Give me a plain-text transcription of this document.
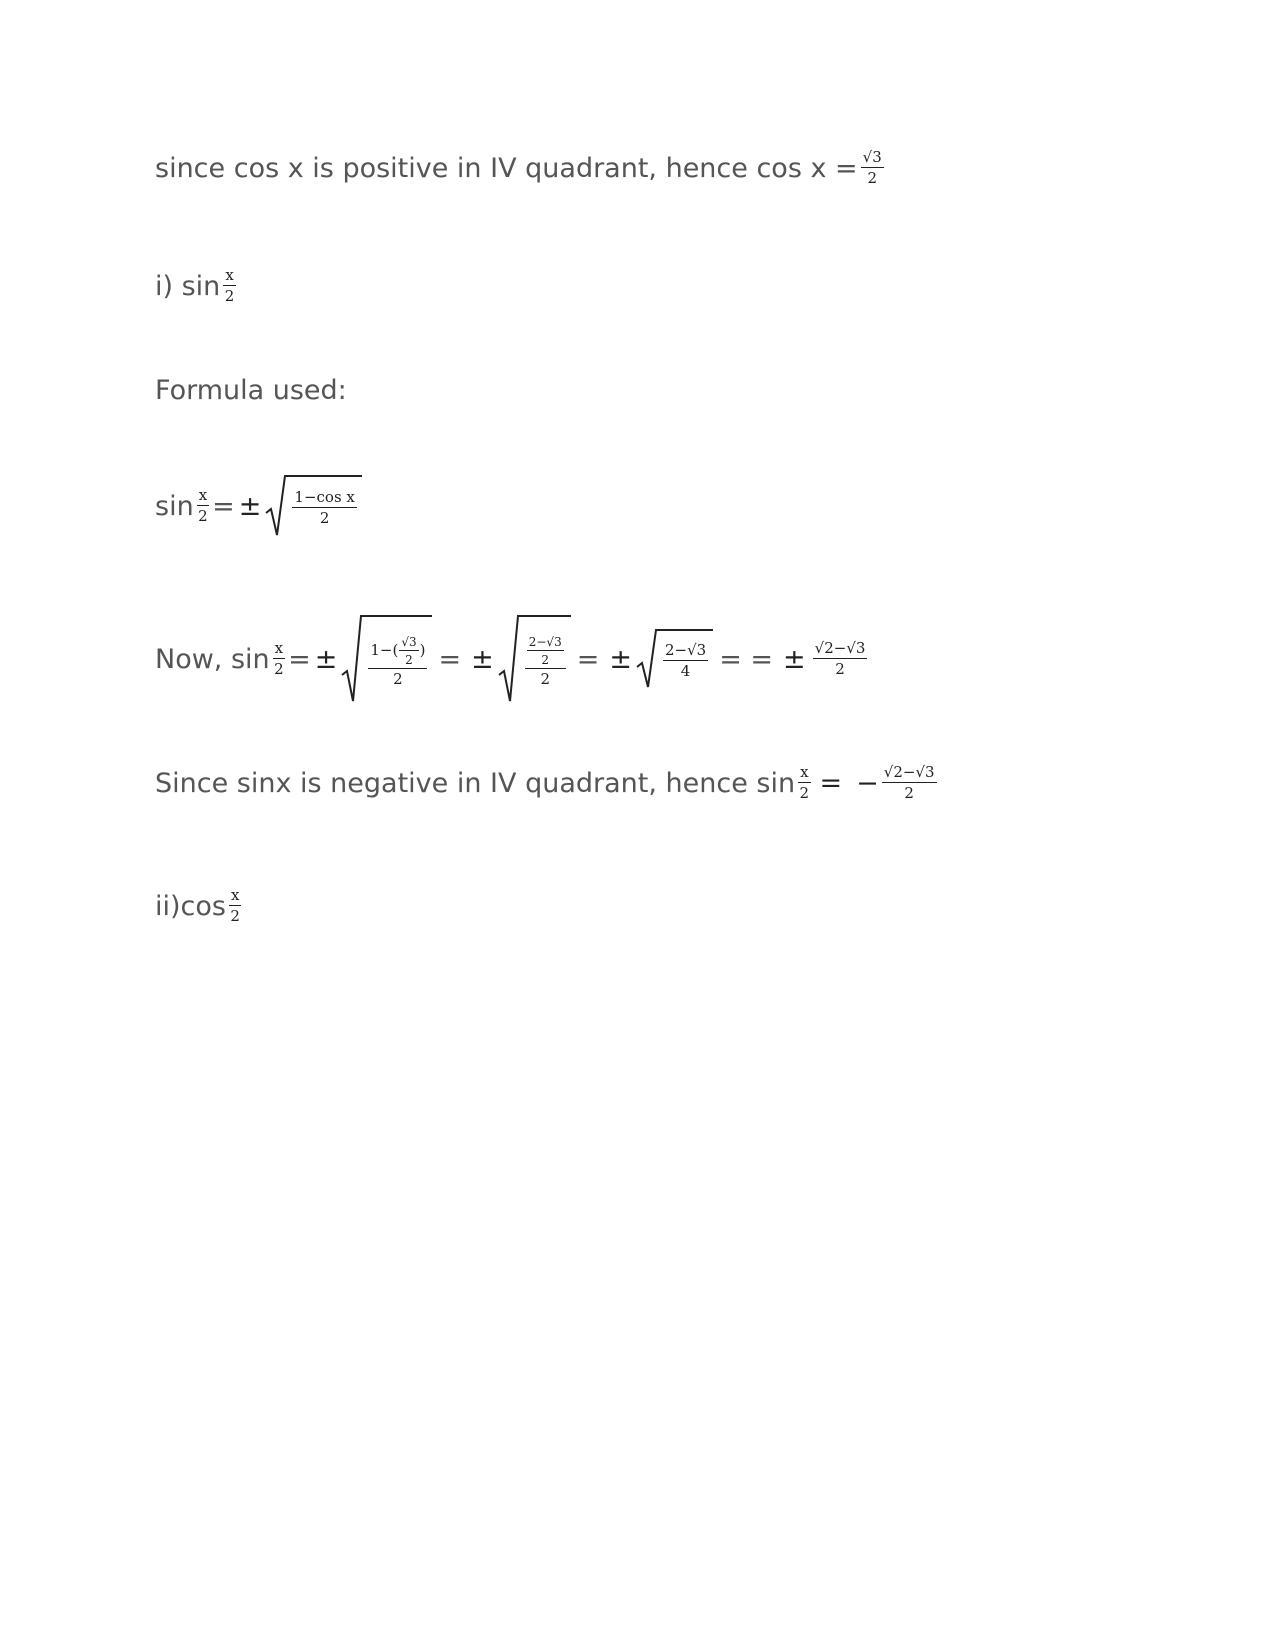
since cos x is positive in IV quadrant, hence $\cos x = \frac{√3}{2}$
i) $\sin \frac{x}{2}$
Formula used:
$\sin \frac{x}{2}$ = ± $\frac{\text{1−cos x}}{2}$
Now, $\sin \frac{x}{2}$ = ± $1-( \frac{√3}{2}$ )
2
= ±	$\frac{\frac{2-√3}{2}}{2}$ = ± $\frac{2-√3}{4}$ = = ± $\frac{√2-√3}{2}$
Since sinx is negative in IV quadrant, hence $\sin \frac{x}{2}$ = − $\frac{√2-√3}{2}$
$ii)\cos \frac{x}{2}$
